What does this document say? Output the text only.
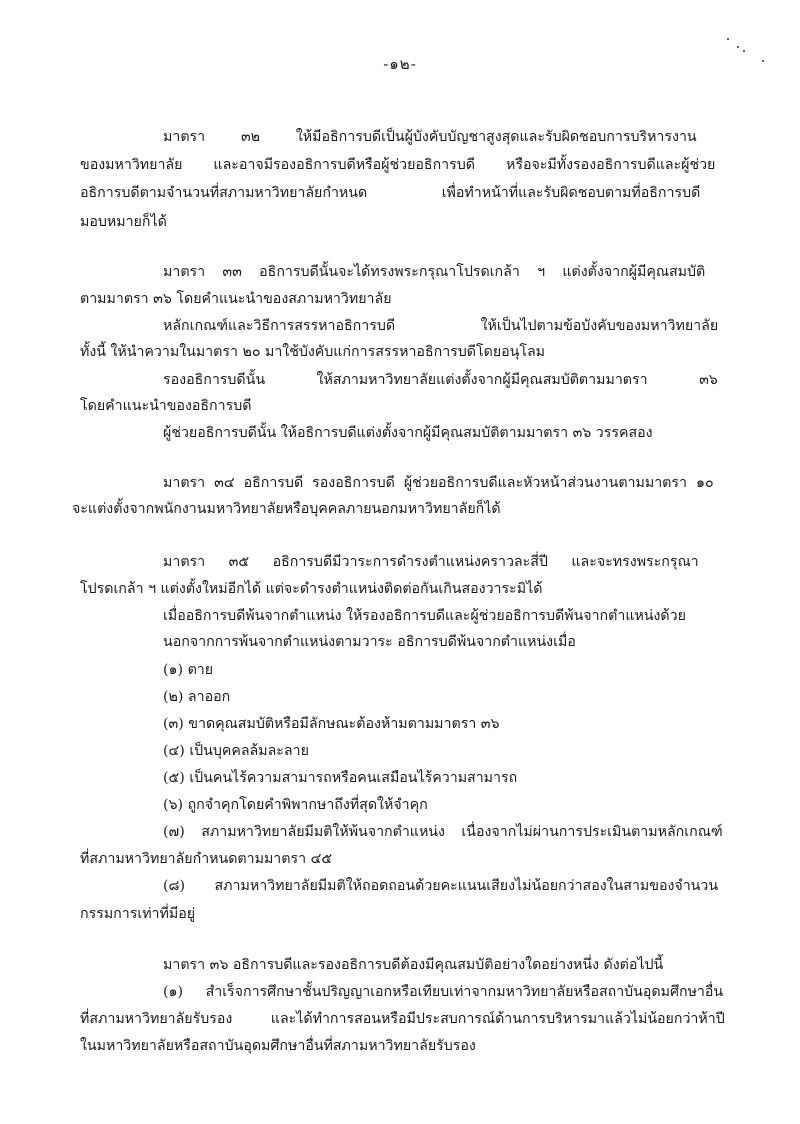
-๑๒-
มาตรา ๓๒ ให้มีอธิการบดีเป็นผู้บังคับบัญชาสูงสุดและรับผิดชอบการบริหารงาน
ของมหาวิทยาลัย และอาจมีรองอธิการบดีหรือผู้ช่วยอธิการบดี หรือจะมีทั้งรองอธิการบดีและผู้ช่วย
อธิการบดีตามจำนวนที่สภามหาวิทยาลัยกำหนด เพื่อทำหน้าที่และรับผิดชอบตามที่อธิการบดี
มอบหมายก็ได้
มาตรา ๓๓ อธิการบดีนั้นจะได้ทรงพระกรุณาโปรดเกล้า ฯ แต่งตั้งจากผู้มีคุณสมบัติ
ตามมาตรา ๓๖ โดยคำแนะนำของสภามหาวิทยาลัย
หลักเกณฑ์และวิธีการสรรหาอธิการบดี ให้เป็นไปตามข้อบังคับของมหาวิทยาลัย
ทั้งนี้ ให้นำความในมาตรา ๒๐ มาใช้บังคับแก่การสรรหาอธิการบดีโดยอนุโลม
รองอธิการบดีนั้น ให้สภามหาวิทยาลัยแต่งตั้งจากผู้มีคุณสมบัติตามมาตรา ๓๖
โดยคำแนะนำของอธิการบดี
ผู้ช่วยอธิการบดีนั้น ให้อธิการบดีแต่งตั้งจากผู้มีคุณสมบัติตามมาตรา ๓๖ วรรคสอง
มาตรา ๓๔ อธิการบดี รองอธิการบดี ผู้ช่วยอธิการบดีและหัวหน้าส่วนงานตามมาตรา ๑๐
จะแต่งตั้งจากพนักงานมหาวิทยาลัยหรือบุคคลภายนอกมหาวิทยาลัยก็ได้
มาตรา ๓๕ อธิการบดีมีวาระการดำรงตำแหน่งคราวละสี่ปี และจะทรงพระกรุณา
โปรดเกล้า ฯ แต่งตั้งใหม่อีกได้ แต่จะดำรงตำแหน่งติดต่อกันเกินสองวาระมิได้
เมื่ออธิการบดีพ้นจากตำแหน่ง ให้รองอธิการบดีและผู้ช่วยอธิการบดีพ้นจากตำแหน่งด้วย
นอกจากการพ้นจากตำแหน่งตามวาระ อธิการบดีพ้นจากตำแหน่งเมื่อ
(๑) ตาย
(๒) ลาออก
(๓) ขาดคุณสมบัติหรือมีลักษณะต้องห้ามตามมาตรา ๓๖
(๔) เป็นบุคคลล้มละลาย
(๕) เป็นคนไร้ความสามารถหรือคนเสมือนไร้ความสามารถ
(๖) ถูกจำคุกโดยคำพิพากษาถึงที่สุดให้จำคุก
(๗) สภามหาวิทยาลัยมีมติให้พ้นจากตำแหน่ง เนื่องจากไม่ผ่านการประเมินตามหลักเกณฑ์
ที่สภามหาวิทยาลัยกำหนดตามมาตรา ๔๕
(๘) สภามหาวิทยาลัยมีมติให้ถอดถอนด้วยคะแนนเสียงไม่น้อยกว่าสองในสามของจำนวน
กรรมการเท่าที่มีอยู่
มาตรา ๓๖ อธิการบดีและรองอธิการบดีต้องมีคุณสมบัติอย่างใดอย่างหนึ่ง ดังต่อไปนี้
(๑) สำเร็จการศึกษาชั้นปริญญาเอกหรือเทียบเท่าจากมหาวิทยาลัยหรือสถาบันอุดมศึกษาอื่น
ที่สภามหาวิทยาลัยรับรอง และได้ทำการสอนหรือมีประสบการณ์ด้านการบริหารมาแล้วไม่น้อยกว่าห้าปี
ในมหาวิทยาลัยหรือสถาบันอุดมศึกษาอื่นที่สภามหาวิทยาลัยรับรอง
